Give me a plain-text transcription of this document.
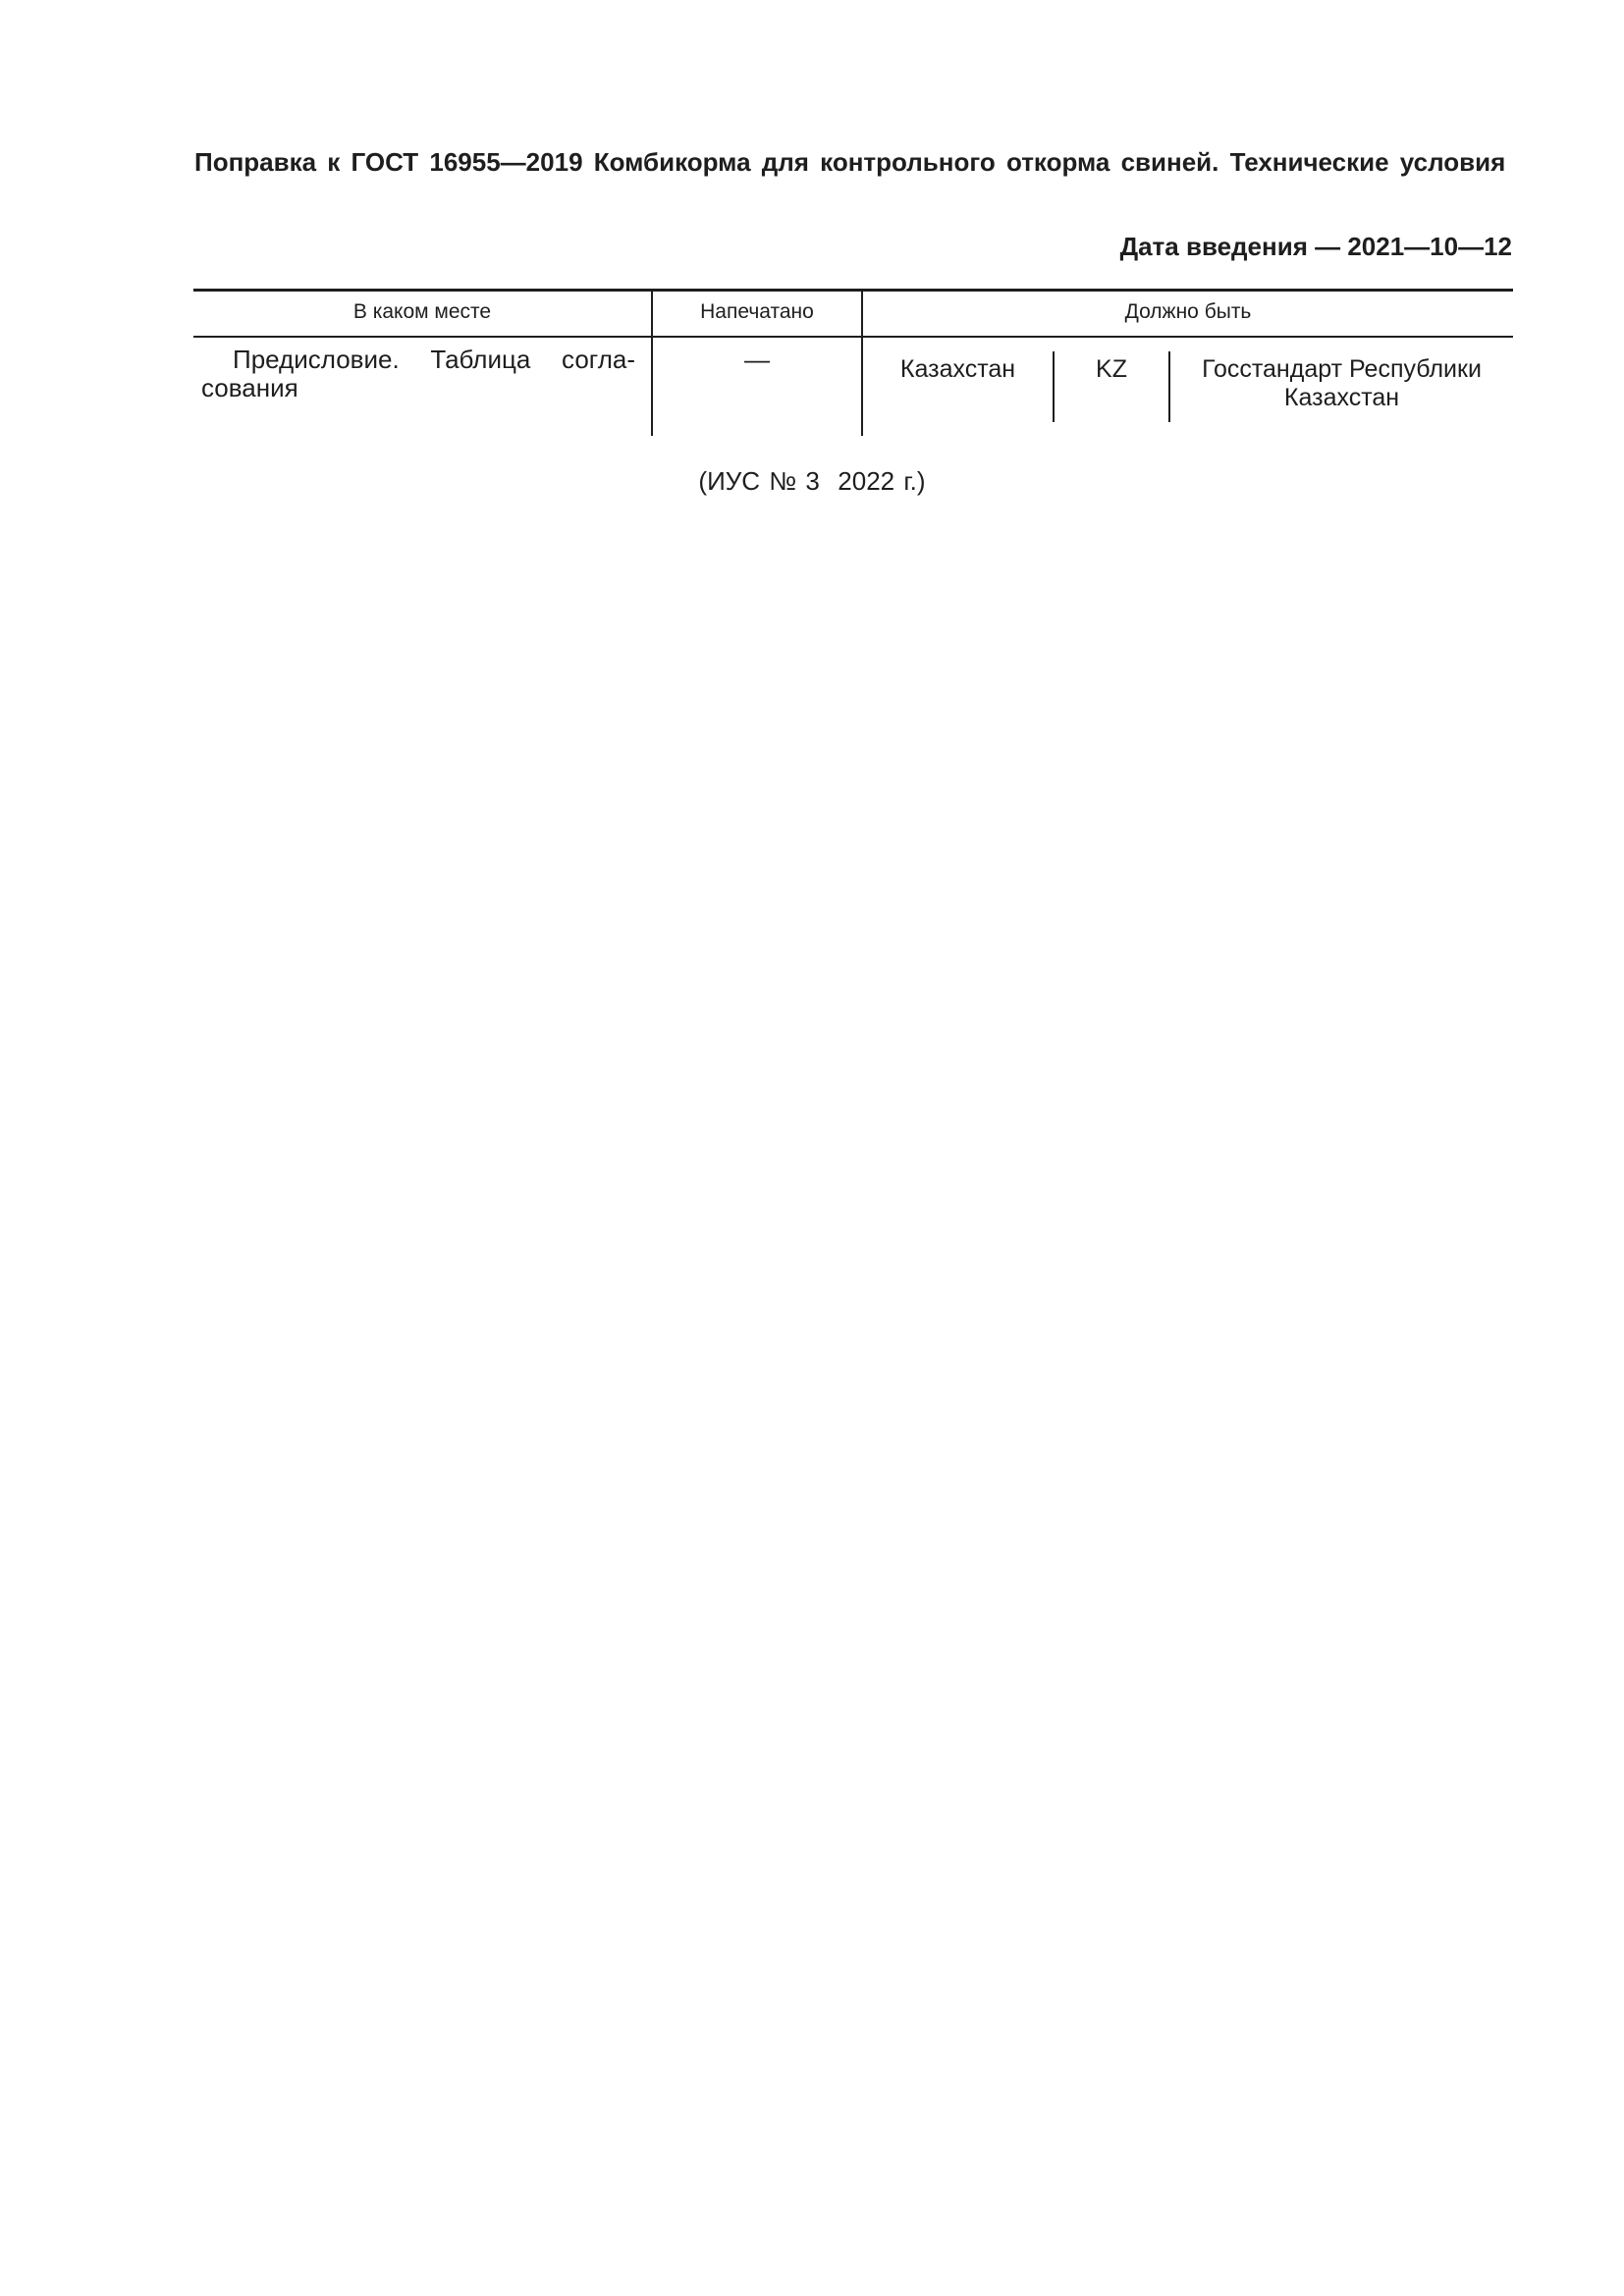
Поправка к ГОСТ 16955—2019 Комбикорма для контрольного откорма свиней. Технические условия
Дата введения — 2021—10—12
В каком месте	Напечатано	Должно быть
Предисловие. Таблица согла-
сования
—	Казахстан	KZ	Госстандарт Республики
Казахстан
(ИУС № 3  2022 г.)
